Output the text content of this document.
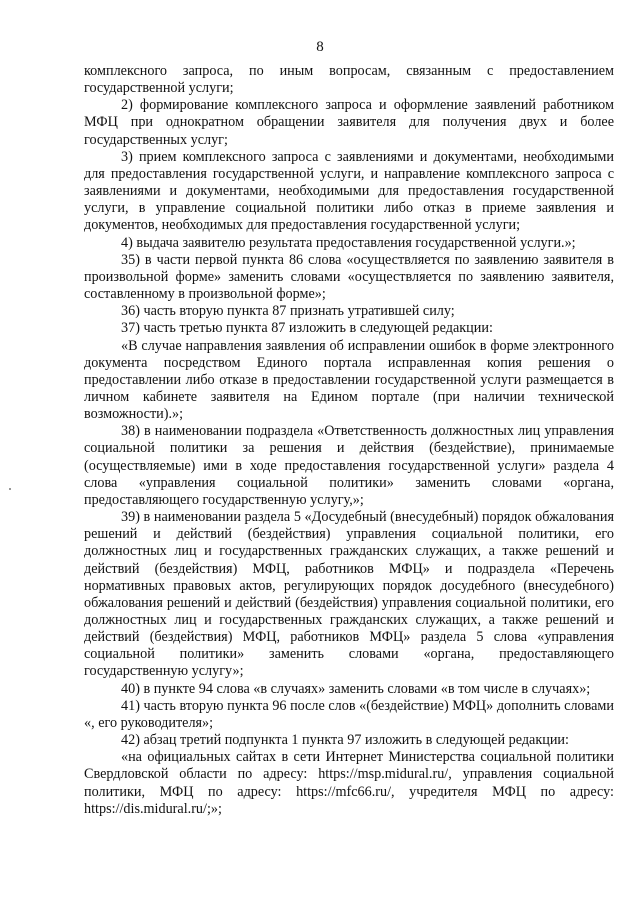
8

комплексного запроса, по иным вопросам, связанным с предоставлением государственной услуги;

2) формирование комплексного запроса и оформление заявлений работником МФЦ при однократном обращении заявителя для получения двух и более государственных услуг;

3) прием комплексного запроса с заявлениями и документами, необходимыми для предоставления государственной услуги, и направление комплексного запроса с заявлениями и документами, необходимыми для предоставления государственной услуги, в управление социальной политики либо отказ в приеме заявления и документов, необходимых для предоставления государственной услуги;

4) выдача заявителю результата предоставления государственной услуги.»;

35) в части первой пункта 86 слова «осуществляется по заявлению заявителя в произвольной форме» заменить словами «осуществляется по заявлению заявителя, составленному в произвольной форме»;

36) часть вторую пункта 87 признать утратившей силу;

37) часть третью пункта 87 изложить в следующей редакции:

«В случае направления заявления об исправлении ошибок в форме электронного документа посредством Единого портала исправленная копия решения о предоставлении либо отказе в предоставлении государственной услуги размещается в личном кабинете заявителя на Едином портале (при наличии технической возможности).»;

38) в наименовании подраздела «Ответственность должностных лиц управления социальной политики за решения и действия (бездействие), принимаемые (осуществляемые) ими в ходе предоставления государственной услуги» раздела 4 слова «управления социальной политики» заменить словами «органа, предоставляющего государственную услугу,»;

39) в наименовании раздела 5 «Досудебный (внесудебный) порядок обжалования решений и действий (бездействия) управления социальной политики, его должностных лиц и государственных гражданских служащих, а также решений и действий (бездействия) МФЦ, работников МФЦ» и подраздела «Перечень нормативных правовых актов, регулирующих порядок досудебного (внесудебного) обжалования решений и действий (бездействия) управления социальной политики, его должностных лиц и государственных гражданских служащих, а также решений и действий (бездействия) МФЦ, работников МФЦ» раздела 5 слова «управления социальной политики» заменить словами «органа, предоставляющего государственную услугу»;

40) в пункте 94 слова «в случаях» заменить словами «в том числе в случаях»;

41) часть вторую пункта 96 после слов «(бездействие) МФЦ» дополнить словами «, его руководителя»;

42) абзац третий подпункта 1 пункта 97 изложить в следующей редакции:

«на официальных сайтах в сети Интернет Министерства социальной политики Свердловской области по адресу: https://msp.midural.ru/, управления социальной политики, МФЦ по адресу: https://mfc66.ru/, учредителя МФЦ по адресу: https://dis.midural.ru/;»;
